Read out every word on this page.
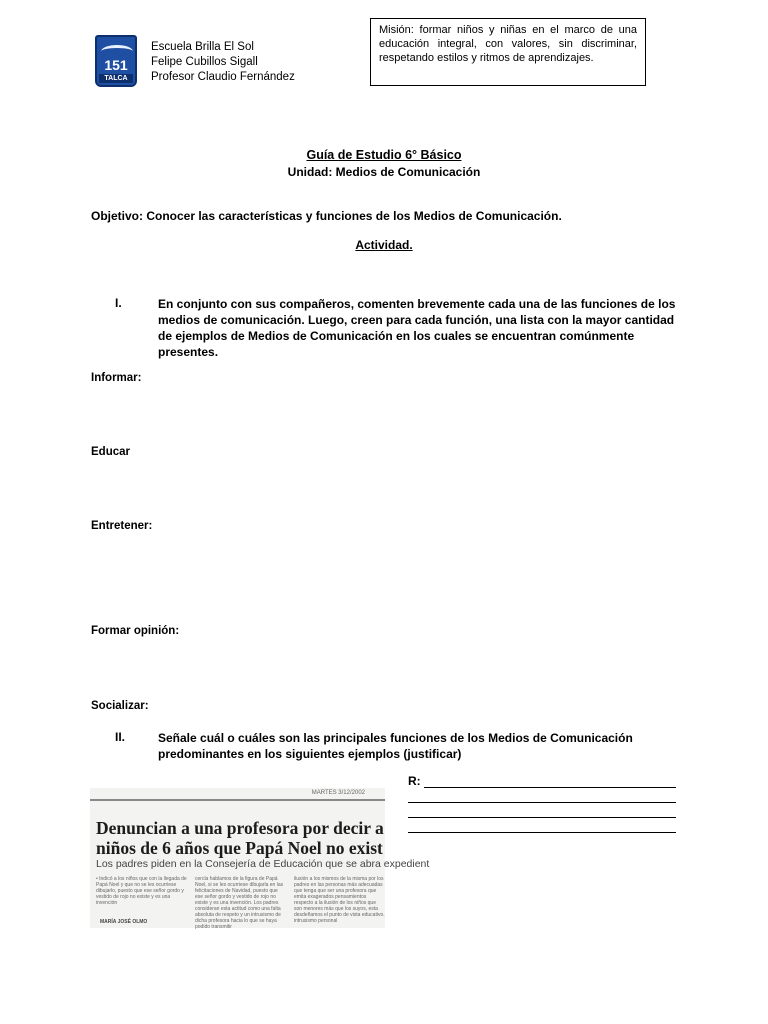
151
TALCA
Escuela Brilla El Sol
Felipe Cubillos Sigall
Profesor Claudio Fernández
Misión: formar niños y niñas en el marco de una educación integral, con valores, sin discriminar, respetando estilos y ritmos de aprendizajes.
Guía de Estudio 6° Básico
Unidad: Medios de Comunicación
Objetivo: Conocer las características y funciones de los Medios de Comunicación.
Actividad.
I.	En conjunto con sus compañeros, comenten brevemente cada una de las funciones de los medios de comunicación. Luego, creen para cada función, una lista con la mayor cantidad de ejemplos de Medios de Comunicación en los cuales se encuentran comúnmente presentes.
Informar:
Educar
Entretener:
Formar opinión:
Socializar:
II.	Señale cuál o cuáles son las principales funciones de los Medios de Comunicación predominantes en los siguientes ejemplos (justificar)
MARTES 3/12/2002
Denuncian a una profesora por decir a
niños de 6 años que Papá Noel no exist
Los padres piden en la Consejería de Educación que se abra expedient
• Indicó a los niños que con la llegada de Papá Noel y que no se les ocurriese dibujarlo, puesto que ese señor gordo y vestido de rojo no existe y es una invención
cercla hablamos de la figura de Papá Noel, si se les ocurriese dibujarla en las felicitaciones de Navidad, puesto que ese señor gordo y vestido de rojo no existe y es una invención. Los padres consideran esta actitud como una falta absoluta de respeto y un intrusismo de dicha profesora hacia lo que se haya podido transmitir
ilusión a los mismos de la misma por los padres en las personas más adecuadas que tenga que ser una profesora que emita exagerados pensamientos respecto a la ilusión de los niños que son menores más que los suyos, esta desdeñamos el punto de vista educativo. intrusismo personal
MARÍA JOSÉ OLMO
R:
